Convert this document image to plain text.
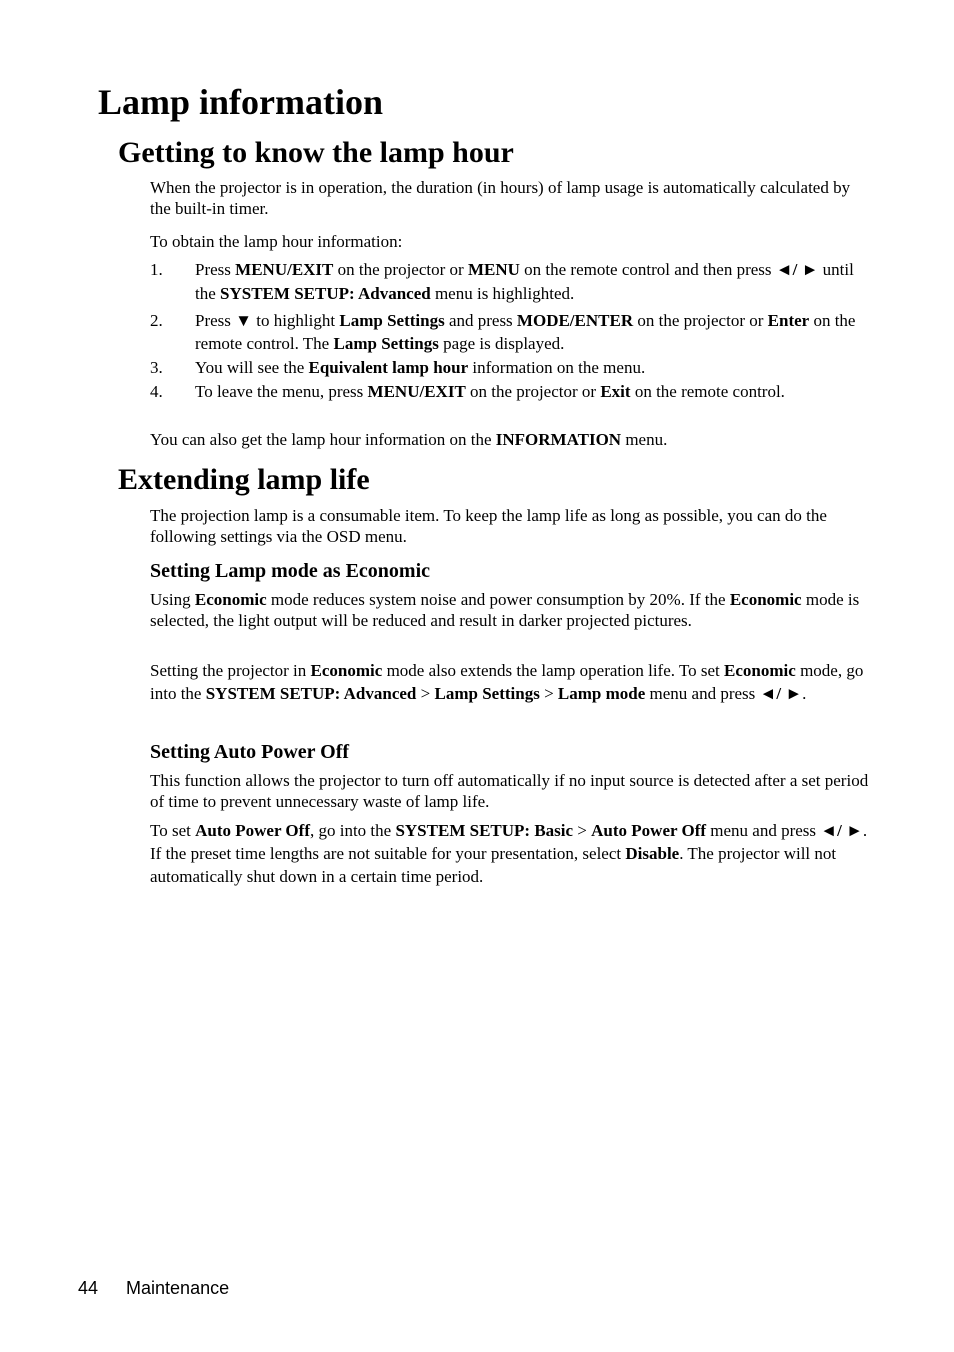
Lamp information
Getting to know the lamp hour

When the projector is in operation, the duration (in hours) of lamp usage is automatically calculated by the built-in timer.

To obtain the lamp hour information:

1. Press MENU/EXIT on the projector or MENU on the remote control and then press ◄/ ► until the SYSTEM SETUP: Advanced menu is highlighted.

2. Press ▼ to highlight Lamp Settings and press MODE/ENTER on the projector or Enter on the remote control. The Lamp Settings page is displayed.

3. You will see the Equivalent lamp hour information on the menu.

4. To leave the menu, press MENU/EXIT on the projector or Exit on the remote control.

You can also get the lamp hour information on the INFORMATION menu.

Extending lamp life

The projection lamp is a consumable item. To keep the lamp life as long as possible, you can do the following settings via the OSD menu.

Setting Lamp mode as Economic

Using Economic mode reduces system noise and power consumption by 20%. If the Economic mode is selected, the light output will be reduced and result in darker projected pictures.

Setting the projector in Economic mode also extends the lamp operation life. To set Economic mode, go into the SYSTEM SETUP: Advanced > Lamp Settings > Lamp mode menu and press ◄/ ►.

Setting Auto Power Off

This function allows the projector to turn off automatically if no input source is detected after a set period of time to prevent unnecessary waste of lamp life.

To set Auto Power Off, go into the SYSTEM SETUP: Basic > Auto Power Off menu and press ◄/ ►. If the preset time lengths are not suitable for your presentation, select Disable. The projector will not automatically shut down in a certain time period.

44 Maintenance
